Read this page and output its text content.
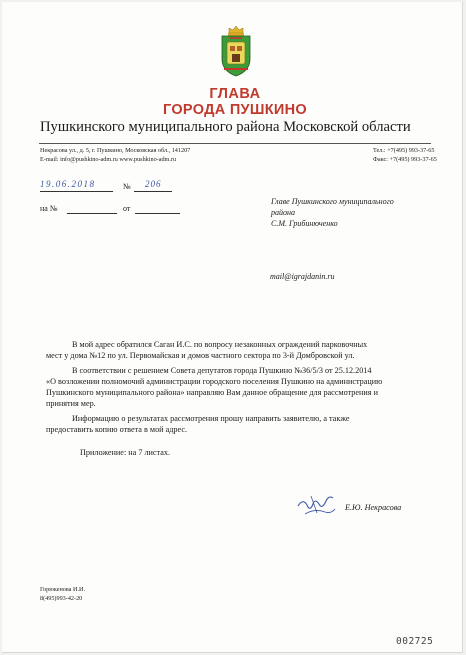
ГЛАВА
ГОРОДА ПУШКИНО
Пушкинского муниципального района Московской области
Некрасова ул., д. 5, г. Пушкино, Московская обл., 141207
E-mail: info@pushkino-adm.ru www.pushkino-adm.ru
Тел.: +7(495) 993-37-65
Факс: +7(495) 993-37-65
19.06.2018	№ 206
на №	от
Главе Пушкинского муниципального
района
С.М. Грибинюченко
mail@igrajdanin.ru
В мой адрес обратился Саган И.С. по вопросу незаконных ограждений парковочных
мест у дома №12 по ул. Первомайская и домов частного сектора по 3-й Домбровской ул.
В соответствии с решением Совета депутатов города Пушкино №36/5/3 от 25.12.2014
«О возложении полномочий администрации городского поселения Пушкино на администрацию
Пушкинского муниципального района» направляю Вам данное обращение для рассмотрения и
принятия мер.
Информацию о результатах рассмотрения прошу направить заявителю, а также
предоставить копию ответа в мой адрес.
Приложение: на 7 листах.
Е.Ю. Некрасова
Горюкенова И.И.
8(495)993-42-20
002725
